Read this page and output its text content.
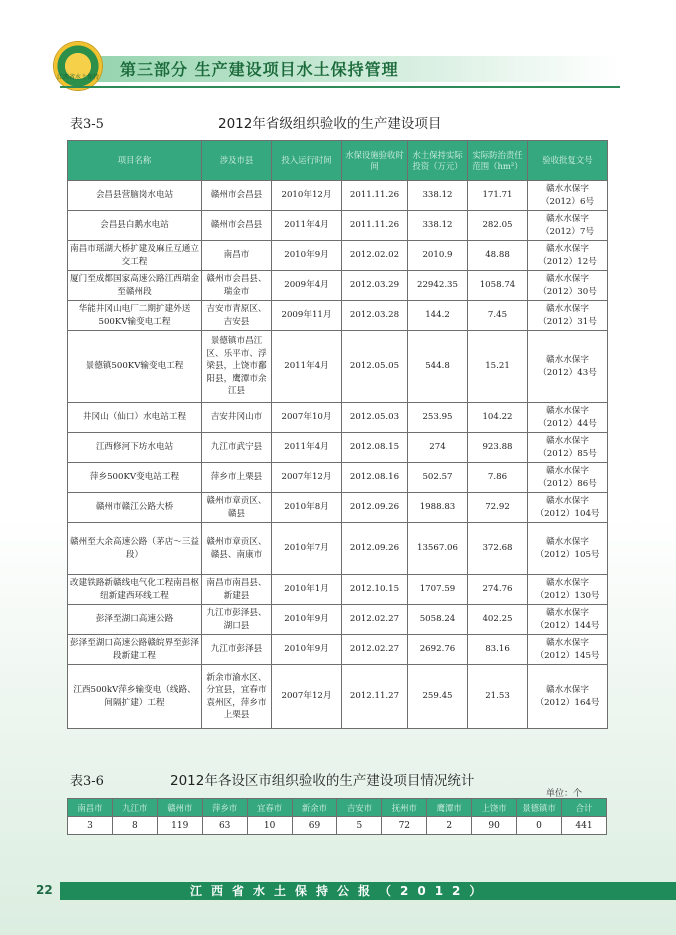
江西省水土保持 第三部分 生产建设项目水土保持管理
表3-5	2012年省级组织验收的生产建设项目
项目名称	涉及市县	投入运行时间	水保设施验收时间	水土保持实际投资（万元）	实际防治责任范围（hm²）	验收批复文号
会昌县营脑岗水电站	赣州市会昌县	2010年12月	2011.11.26	338.12	171.71	赣水水保字（2012）6号
会昌县白鹅水电站	赣州市会昌县	2011年4月	2011.11.26	338.12	282.05	赣水水保字（2012）7号
南昌市瑶湖大桥扩建及麻丘互通立交工程	南昌市	2010年9月	2012.02.02	2010.9	48.88	赣水水保字（2012）12号
厦门至成都国家高速公路江西瑞金至赣州段	赣州市会昌县、瑞金市	2009年4月	2012.03.29	22942.35	1058.74	赣水水保字（2012）30号
华能井冈山电厂二期扩建外送500KV输变电工程	吉安市青原区、吉安县	2009年11月	2012.03.28	144.2	7.45	赣水水保字（2012）31号
景德镇500KV输变电工程	景德镇市昌江区、乐平市、浮梁县，上饶市鄱阳县，鹰潭市余江县	2011年4月	2012.05.05	544.8	15.21	赣水水保字（2012）43号
井冈山（仙口）水电站工程	吉安井冈山市	2007年10月	2012.05.03	253.95	104.22	赣水水保字（2012）44号
江西修河下坊水电站	九江市武宁县	2011年4月	2012.08.15	274	923.88	赣水水保字（2012）85号
萍乡500KV变电站工程	萍乡市上栗县	2007年12月	2012.08.16	502.57	7.86	赣水水保字（2012）86号
赣州市赣江公路大桥	赣州市章贡区、赣县	2010年8月	2012.09.26	1988.83	72.92	赣水水保字（2012）104号
赣州至大余高速公路（茅店～三益段）	赣州市章贡区、赣县、南康市	2010年7月	2012.09.26	13567.06	372.68	赣水水保字（2012）105号
改建铁路新赣线电气化工程南昌枢纽新建西环线工程	南昌市南昌县、新建县	2010年1月	2012.10.15	1707.59	274.76	赣水水保字（2012）130号
彭泽至湖口高速公路	九江市彭泽县、湖口县	2010年9月	2012.02.27	5058.24	402.25	赣水水保字（2012）144号
彭泽至湖口高速公路赣皖界至彭泽段新建工程	九江市彭泽县	2010年9月	2012.02.27	2692.76	83.16	赣水水保字（2012）145号
江西500kV萍乡输变电（线路、间隔扩建）工程	新余市渝水区、分宜县，宜春市袁州区，萍乡市上栗县	2007年12月	2012.11.27	259.45	21.53	赣水水保字（2012）164号
表3-6	2012年各设区市组织验收的生产建设项目情况统计
单位：个
南昌市	九江市	赣州市	萍乡市	宜春市	新余市	吉安市	抚州市	鹰潭市	上饶市	景德镇市	合计
3	8	119	63	10	69	5	72	2	90	0	441
22	江西省水土保持公报（2012）
